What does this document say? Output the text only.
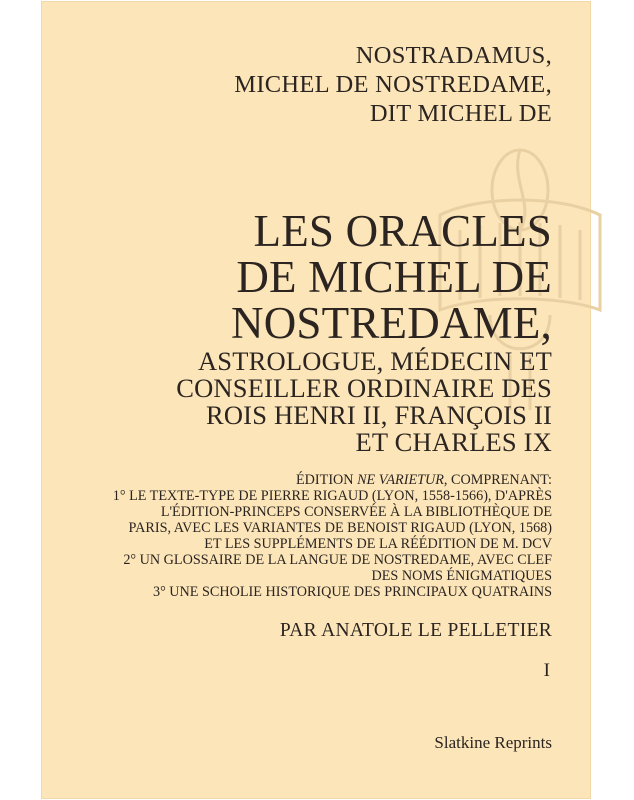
NOSTRADAMUS,
MICHEL DE NOSTREDAME,
DIT MICHEL DE
LES ORACLES
DE MICHEL DE
NOSTREDAME,
ASTROLOGUE, MÉDECIN ET
CONSEILLER ORDINAIRE DES
ROIS HENRI II, FRANÇOIS II
ET CHARLES IX
ÉDITION NE VARIETUR, COMPRENANT:
1° LE TEXTE-TYPE DE PIERRE RIGAUD (LYON, 1558-1566), D'APRÈS
L'ÉDITION-PRINCEPS CONSERVÉE À LA BIBLIOTHÈQUE DE
PARIS, AVEC LES VARIANTES DE BENOIST RIGAUD (LYON, 1568)
ET LES SUPPLÉMENTS DE LA RÉÉDITION DE M. DCV
2° UN GLOSSAIRE DE LA LANGUE DE NOSTREDAME, AVEC CLEF
DES NOMS ÉNIGMATIQUES
3° UNE SCHOLIE HISTORIQUE DES PRINCIPAUX QUATRAINS
PAR ANATOLE LE PELLETIER
I
Slatkine Reprints
